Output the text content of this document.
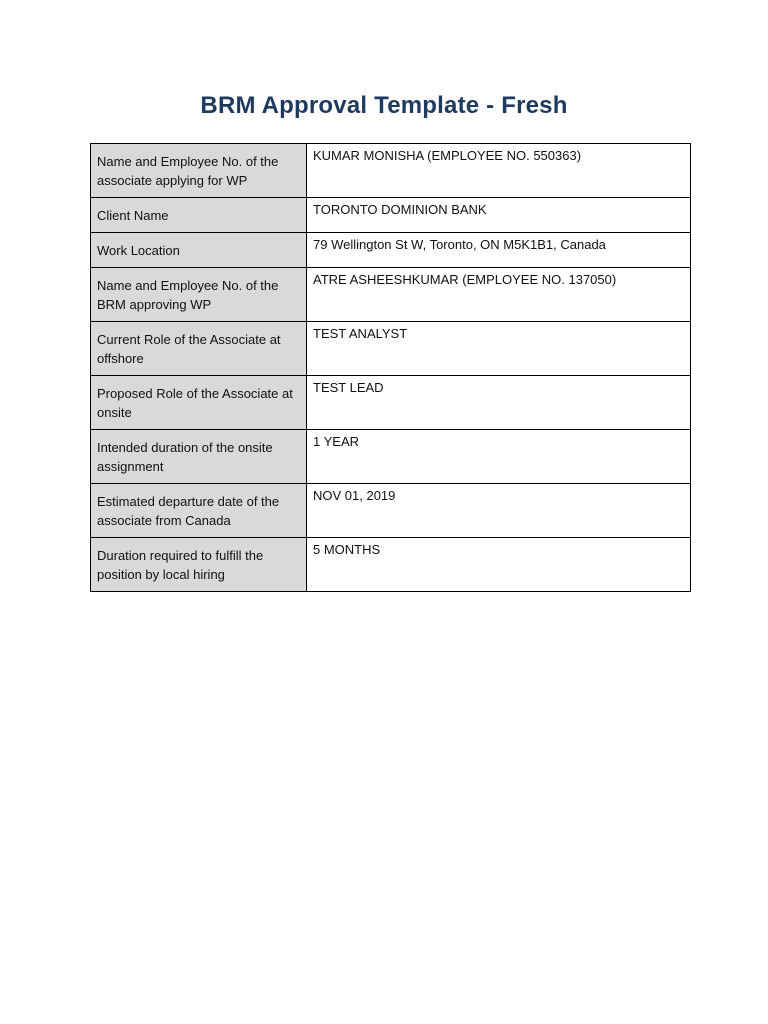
BRM Approval Template - Fresh
Name and Employee No. of the associate applying for WP	KUMAR MONISHA (EMPLOYEE NO. 550363)
Client Name	TORONTO DOMINION BANK
Work Location	79 Wellington St W, Toronto, ON M5K1B1, Canada
Name and Employee No. of the BRM approving WP	ATRE ASHEESHKUMAR (EMPLOYEE NO. 137050)
Current Role of the Associate at offshore	TEST ANALYST
Proposed Role of the Associate at onsite	TEST LEAD
Intended duration of the onsite assignment	1 YEAR
Estimated departure date of the associate from Canada	NOV 01, 2019
Duration required to fulfill the position by local hiring	5 MONTHS
